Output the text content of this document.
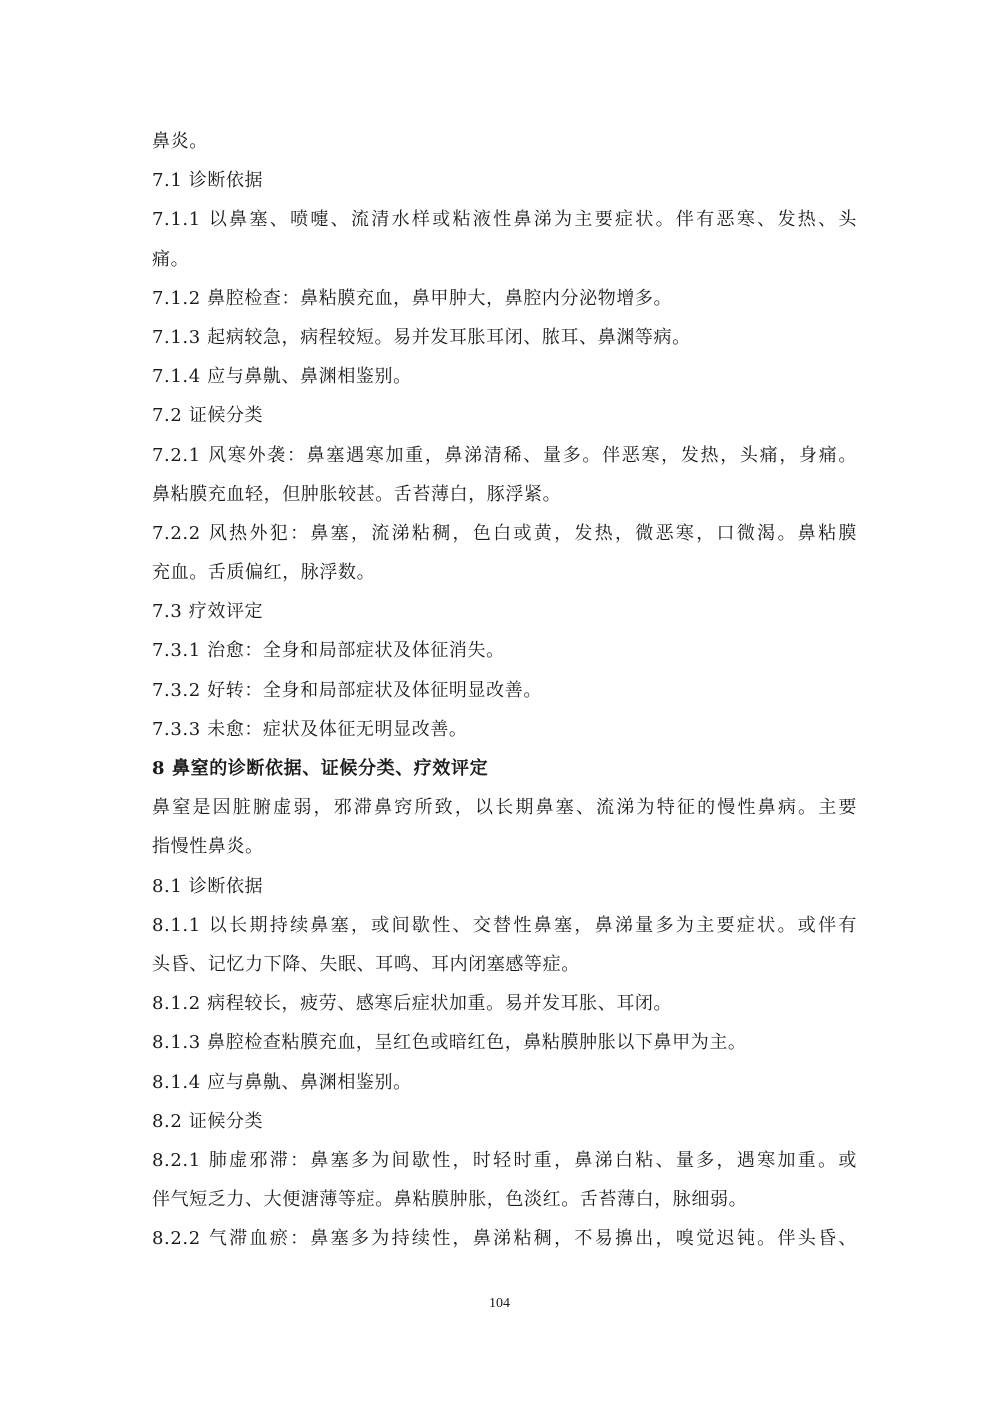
鼻炎。
7.1 诊断依据
7.1.1 以鼻塞、喷嚏、流清水样或粘液性鼻涕为主要症状。伴有恶寒、发热、头
痛。
7.1.2 鼻腔检查：鼻粘膜充血，鼻甲肿大，鼻腔内分泌物增多。
7.1.3 起病较急，病程较短。易并发耳胀耳闭、脓耳、鼻渊等病。
7.1.4 应与鼻鼽、鼻渊相鉴别。
7.2 证候分类
7.2.1 风寒外袭：鼻塞遇寒加重，鼻涕清稀、量多。伴恶寒，发热，头痛，身痛。
鼻粘膜充血轻，但肿胀较甚。舌苔薄白，豚浮紧。
7.2.2 风热外犯：鼻塞，流涕粘稠，色白或黄，发热，微恶寒，口微渴。鼻粘膜
充血。舌质偏红，脉浮数。
7.3 疗效评定
7.3.1 治愈：全身和局部症状及体征消失。
7.3.2 好转：全身和局部症状及体征明显改善。
7.3.3 未愈：症状及体征无明显改善。
8 鼻窒的诊断依据、证候分类、疗效评定
鼻窒是因脏腑虚弱，邪滞鼻窍所致，以长期鼻塞、流涕为特征的慢性鼻病。主要
指慢性鼻炎。
8.1 诊断依据
8.1.1 以长期持续鼻塞，或间歇性、交替性鼻塞，鼻涕量多为主要症状。或伴有
头昏、记忆力下降、失眠、耳鸣、耳内闭塞感等症。
8.1.2 病程较长，疲劳、感寒后症状加重。易并发耳胀、耳闭。
8.1.3 鼻腔检查粘膜充血，呈红色或暗红色，鼻粘膜肿胀以下鼻甲为主。
8.1.4 应与鼻鼽、鼻渊相鉴别。
8.2 证候分类
8.2.1 肺虚邪滞：鼻塞多为间歇性，时轻时重，鼻涕白粘、量多，遇寒加重。或
伴气短乏力、大便溏薄等症。鼻粘膜肿胀，色淡红。舌苔薄白，脉细弱。
8.2.2 气滞血瘀：鼻塞多为持续性，鼻涕粘稠，不易擤出，嗅觉迟钝。伴头昏、
104
